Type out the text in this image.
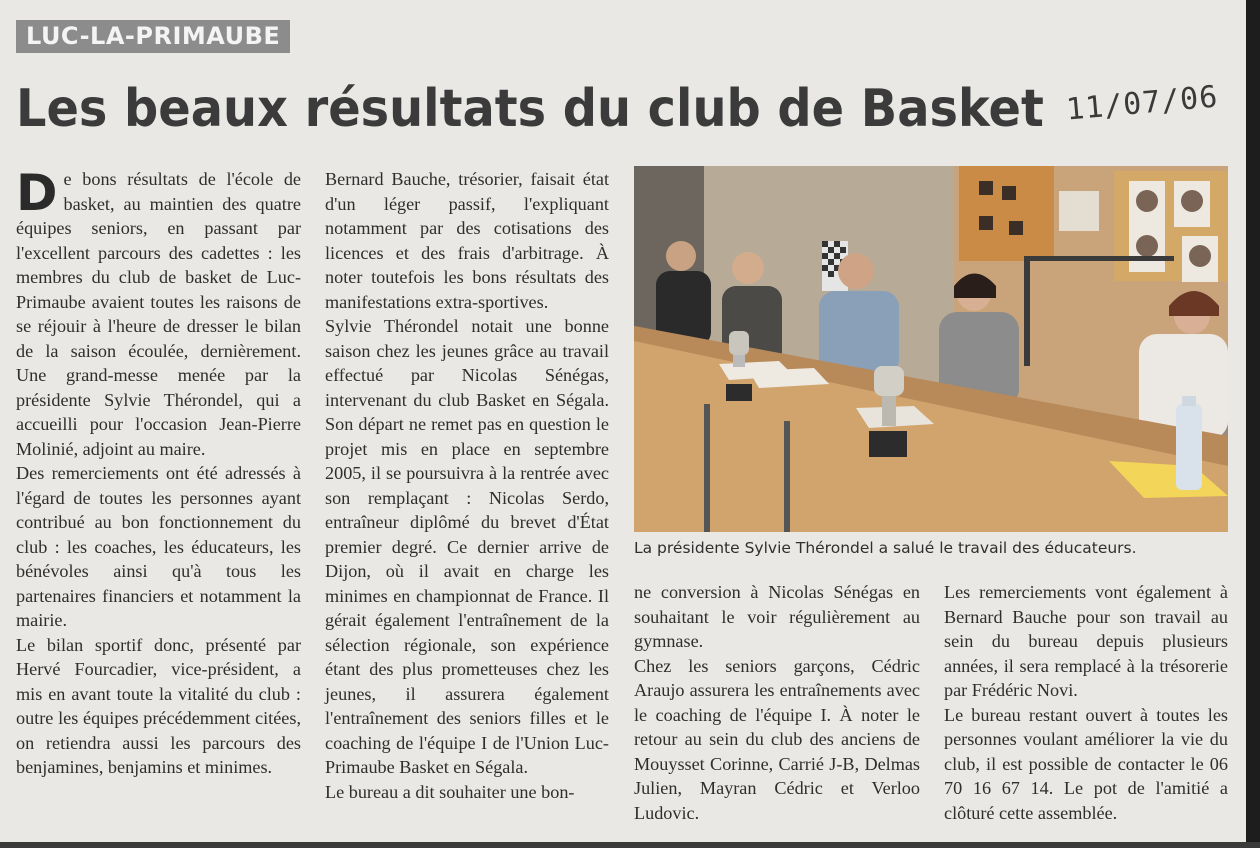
LUC-LA-PRIMAUBE
Les beaux résultats du club de Basket 11/07/06

De bons résultats de l'école de basket, au maintien des quatre équipes seniors, en passant par l'excellent parcours des cadettes : les membres du club de basket de Luc-Primaube avaient toutes les raisons de se réjouir à l'heure de dresser le bilan de la saison écoulée, dernièrement. Une grand-messe menée par la présidente Sylvie Thérondel, qui a accueilli pour l'occasion Jean-Pierre Molinié, adjoint au maire.

Des remerciements ont été adressés à l'égard de toutes les personnes ayant contribué au bon fonctionnement du club : les coaches, les éducateurs, les bénévoles ainsi qu'à tous les partenaires financiers et notamment la mairie.

Le bilan sportif donc, présenté par Hervé Fourcadier, vice-président, a mis en avant toute la vitalité du club : outre les équipes précédemment citées, on retiendra aussi les parcours des benjamines, benjamins et minimes.

Bernard Bauche, trésorier, faisait état d'un léger passif, l'expliquant notamment par des cotisations des licences et des frais d'arbitrage. À noter toutefois les bons résultats des manifestations extra-sportives.

Sylvie Thérondel notait une bonne saison chez les jeunes grâce au travail effectué par Nicolas Sénégas, intervenant du club Basket en Ségala. Son départ ne remet pas en question le projet mis en place en septembre 2005, il se poursuivra à la rentrée avec son remplaçant : Nicolas Serdo, entraîneur diplômé du brevet d'État premier degré. Ce dernier arrive de Dijon, où il avait en charge les minimes en championnat de France. Il gérait également l'entraînement de la sélection régionale, son expérience étant des plus prometteuses chez les jeunes, il assurera également l'entraînement des seniors filles et le coaching de l'équipe I de l'Union Luc-Primaube Basket en Ségala.

Le bureau a dit souhaiter une bon-

La présidente Sylvie Thérondel a salué le travail des éducateurs.

ne conversion à Nicolas Sénégas en souhaitant le voir régulièrement au gymnase.

Chez les seniors garçons, Cédric Araujo assurera les entraînements avec le coaching de l'équipe I. À noter le retour au sein du club des anciens de Mouysset Corinne, Carrié J-B, Delmas Julien, Mayran Cédric et Verloo Ludovic.

Les remerciements vont également à Bernard Bauche pour son travail au sein du bureau depuis plusieurs années, il sera remplacé à la trésorerie par Frédéric Novi.

Le bureau restant ouvert à toutes les personnes voulant améliorer la vie du club, il est possible de contacter le 06 70 16 67 14. Le pot de l'amitié a clôturé cette assemblée.
